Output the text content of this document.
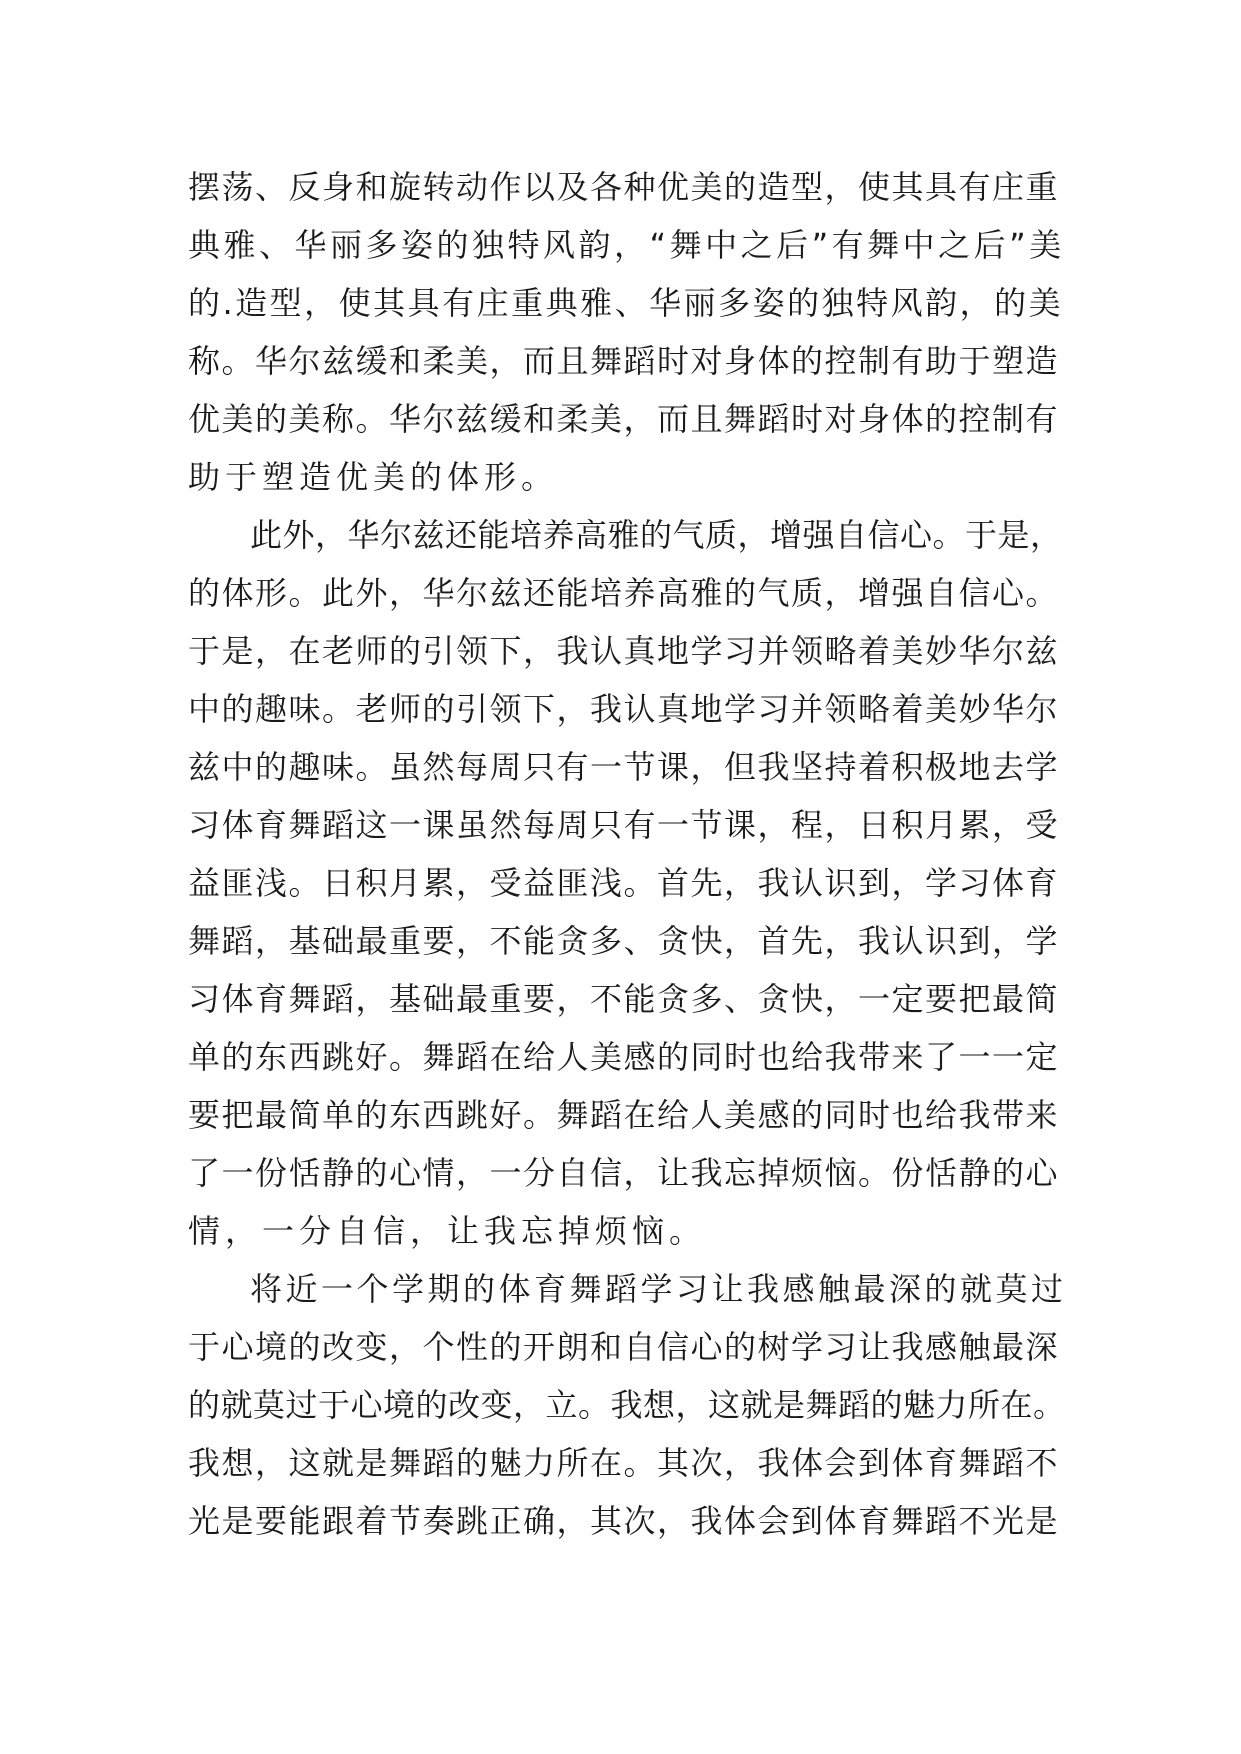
摆荡、反身和旋转动作以及各种优美的造型，使其具有庄重
典雅、华丽多姿的独特风韵，“舞中之后”有舞中之后”美
的.造型，使其具有庄重典雅、华丽多姿的独特风韵，的美
称。华尔兹缓和柔美，而且舞蹈时对身体的控制有助于塑造
优美的美称。华尔兹缓和柔美，而且舞蹈时对身体的控制有
助于塑造优美的体形。
此外，华尔兹还能培养高雅的气质，增强自信心。于是，
的体形。此外，华尔兹还能培养高雅的气质，增强自信心。
于是，在老师的引领下，我认真地学习并领略着美妙华尔兹
中的趣味。老师的引领下，我认真地学习并领略着美妙华尔
兹中的趣味。虽然每周只有一节课，但我坚持着积极地去学
习体育舞蹈这一课虽然每周只有一节课，程，日积月累，受
益匪浅。日积月累，受益匪浅。首先，我认识到，学习体育
舞蹈，基础最重要，不能贪多、贪快，首先，我认识到，学
习体育舞蹈，基础最重要，不能贪多、贪快，一定要把最简
单的东西跳好。舞蹈在给人美感的同时也给我带来了一一定
要把最简单的东西跳好。舞蹈在给人美感的同时也给我带来
了一份恬静的心情，一分自信，让我忘掉烦恼。份恬静的心
情，一分自信，让我忘掉烦恼。
将近一个学期的体育舞蹈学习让我感触最深的就莫过
于心境的改变，个性的开朗和自信心的树学习让我感触最深
的就莫过于心境的改变，立。我想，这就是舞蹈的魅力所在。
我想，这就是舞蹈的魅力所在。其次，我体会到体育舞蹈不
光是要能跟着节奏跳正确，其次，我体会到体育舞蹈不光是
